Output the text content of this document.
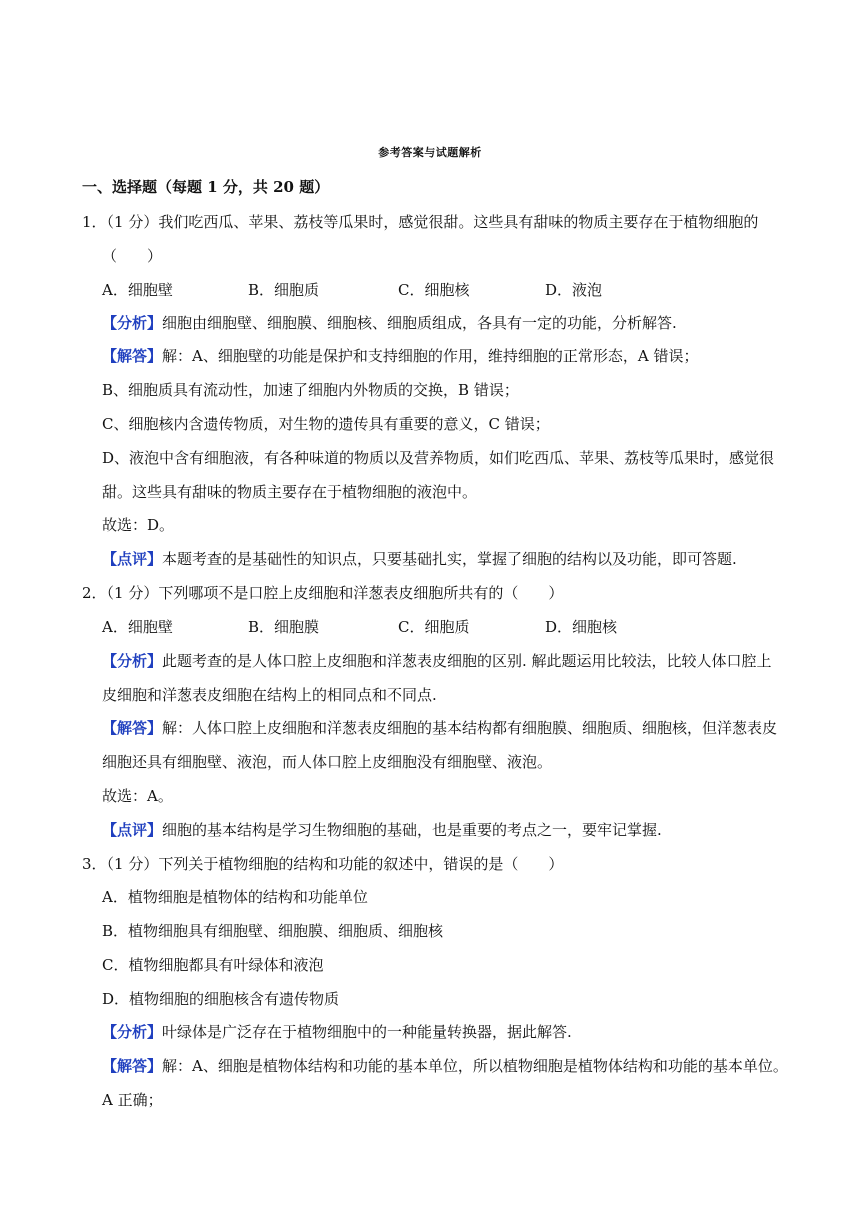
参考答案与试题解析
一、选择题（每题 1 分，共 20 题）
1．（1 分）我们吃西瓜、苹果、荔枝等瓜果时，感觉很甜。这些具有甜味的物质主要存在于植物细胞的
（　　）
A．细胞壁	B．细胞质	C．细胞核	D．液泡
【分析】细胞由细胞壁、细胞膜、细胞核、细胞质组成，各具有一定的功能，分析解答.
【解答】解：A、细胞壁的功能是保护和支持细胞的作用，维持细胞的正常形态，A 错误；
B、细胞质具有流动性，加速了细胞内外物质的交换，B 错误；
C、细胞核内含遗传物质，对生物的遗传具有重要的意义，C 错误；
D、液泡中含有细胞液，有各种味道的物质以及营养物质，如们吃西瓜、苹果、荔枝等瓜果时，感觉很
甜。这些具有甜味的物质主要存在于植物细胞的液泡中。
故选：D。
【点评】本题考查的是基础性的知识点，只要基础扎实，掌握了细胞的结构以及功能，即可答题.
2．（1 分）下列哪项不是口腔上皮细胞和洋葱表皮细胞所共有的（　　）
A．细胞壁	B．细胞膜	C．细胞质	D．细胞核
【分析】此题考查的是人体口腔上皮细胞和洋葱表皮细胞的区别. 解此题运用比较法，比较人体口腔上
皮细胞和洋葱表皮细胞在结构上的相同点和不同点.
【解答】解：人体口腔上皮细胞和洋葱表皮细胞的基本结构都有细胞膜、细胞质、细胞核，但洋葱表皮
细胞还具有细胞壁、液泡，而人体口腔上皮细胞没有细胞壁、液泡。
故选：A。
【点评】细胞的基本结构是学习生物细胞的基础，也是重要的考点之一，要牢记掌握.
3．（1 分）下列关于植物细胞的结构和功能的叙述中，错误的是（　　）
A．植物细胞是植物体的结构和功能单位
B．植物细胞具有细胞壁、细胞膜、细胞质、细胞核
C．植物细胞都具有叶绿体和液泡
D．植物细胞的细胞核含有遗传物质
【分析】叶绿体是广泛存在于植物细胞中的一种能量转换器，据此解答.
【解答】解：A、细胞是植物体结构和功能的基本单位，所以植物细胞是植物体结构和功能的基本单位。
A 正确；
